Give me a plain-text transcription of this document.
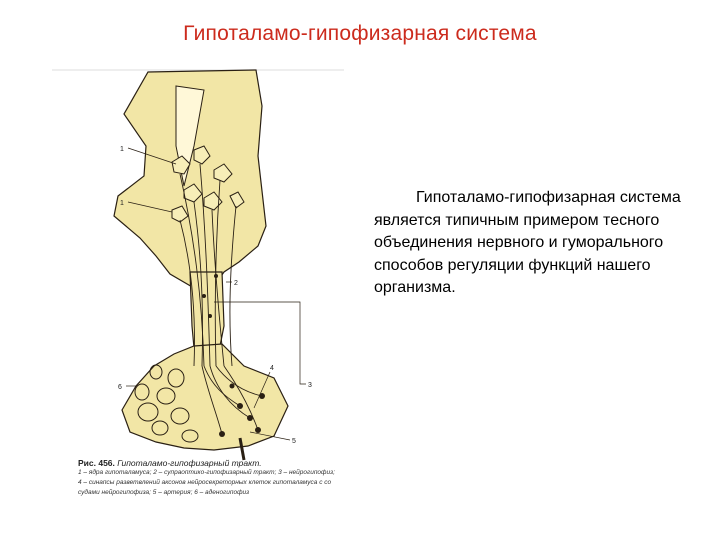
Гипоталамо-гипофизарная система
1
1
2
3
4
5
6
Рис. 456. Гипоталамо-гипофизарный тракт.
1 – ядра гипоталамуса; 2 – супраоптико-гипофизарный тракт; 3 – нейрогипофиз;
4 – синапсы разветвлений аксонов нейросекреторных клеток гипоталамуса с со
судами нейрогипофиза; 5 – артерия; 6 – аденогипофиз

Гипоталамо-гипофизарная система является типичным примером тесного объединения нервного и гуморального способов регуляции функций нашего организма.
